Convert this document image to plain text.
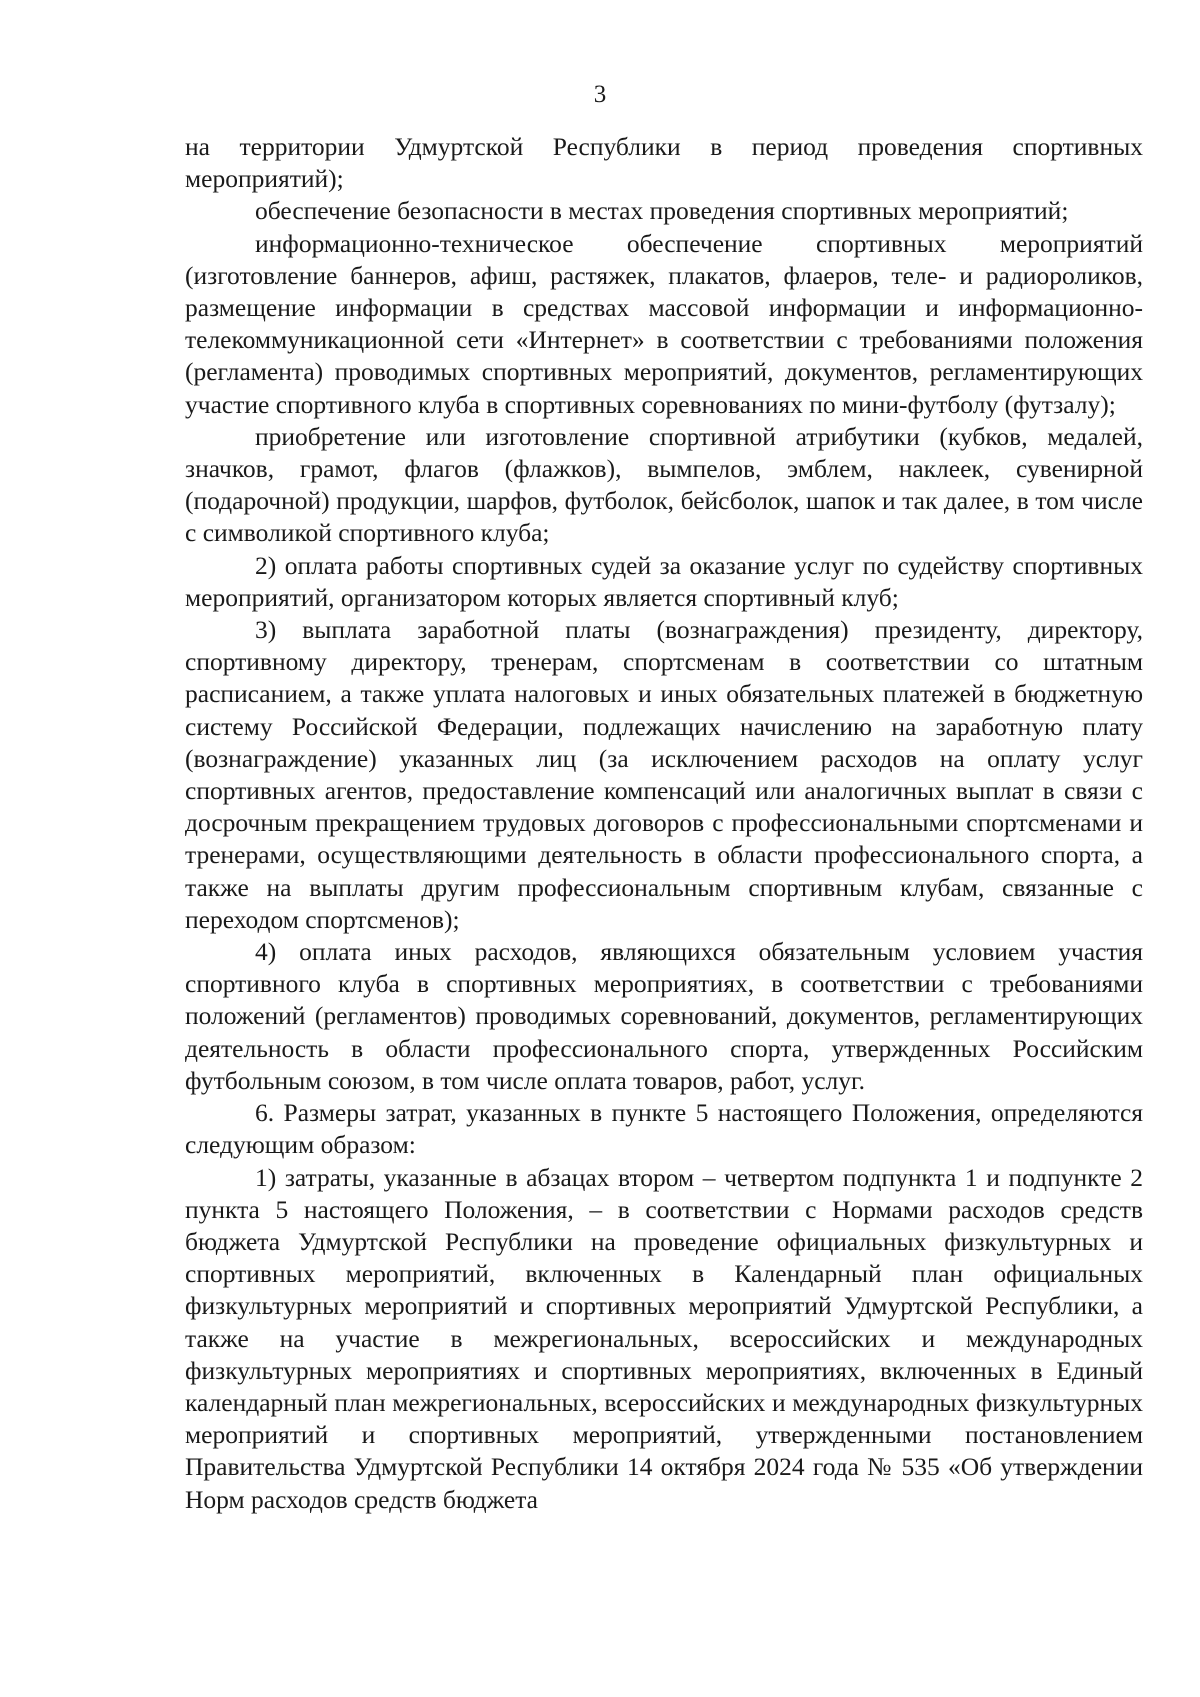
3

на территории Удмуртской Республики в период проведения спортивных мероприятий);

обеспечение безопасности в местах проведения спортивных мероприятий;

информационно-техническое обеспечение спортивных мероприятий (изготовление баннеров, афиш, растяжек, плакатов, флаеров, теле- и радиороликов, размещение информации в средствах массовой информации и информационно-телекоммуникационной сети «Интернет» в соответствии с требованиями положения (регламента) проводимых спортивных мероприятий, документов, регламентирующих участие спортивного клуба в спортивных соревнованиях по мини-футболу (футзалу);

приобретение или изготовление спортивной атрибутики (кубков, медалей, значков, грамот, флагов (флажков), вымпелов, эмблем, наклеек, сувенирной (подарочной) продукции, шарфов, футболок, бейсболок, шапок и так далее, в том числе с символикой спортивного клуба;

2) оплата работы спортивных судей за оказание услуг по судейству спортивных мероприятий, организатором которых является спортивный клуб;

3) выплата заработной платы (вознаграждения) президенту, директору, спортивному директору, тренерам, спортсменам в соответствии со штатным расписанием, а также уплата налоговых и иных обязательных платежей в бюджетную систему Российской Федерации, подлежащих начислению на заработную плату (вознаграждение) указанных лиц (за исключением расходов на оплату услуг спортивных агентов, предоставление компенсаций или аналогичных выплат в связи с досрочным прекращением трудовых договоров с профессиональными спортсменами и тренерами, осуществляющими деятельность в области профессионального спорта, а также на выплаты другим профессиональным спортивным клубам, связанные с переходом спортсменов);

4) оплата иных расходов, являющихся обязательным условием участия спортивного клуба в спортивных мероприятиях, в соответствии с требованиями положений (регламентов) проводимых соревнований, документов, регламентирующих деятельность в области профессионального спорта, утвержденных Российским футбольным союзом, в том числе оплата товаров, работ, услуг.

6. Размеры затрат, указанных в пункте 5 настоящего Положения, определяются следующим образом:

1) затраты, указанные в абзацах втором – четвертом подпункта 1 и подпункте 2 пункта 5 настоящего Положения, – в соответствии с Нормами расходов средств бюджета Удмуртской Республики на проведение официальных физкультурных и спортивных мероприятий, включенных в Календарный план официальных физкультурных мероприятий и спортивных мероприятий Удмуртской Республики, а также на участие в межрегиональных, всероссийских и международных физкультурных мероприятиях и спортивных мероприятиях, включенных в Единый календарный план межрегиональных, всероссийских и международных физкультурных мероприятий и спортивных мероприятий, утвержденными постановлением Правительства Удмуртской Республики 14 октября 2024 года № 535 «Об утверждении Норм расходов средств бюджета
